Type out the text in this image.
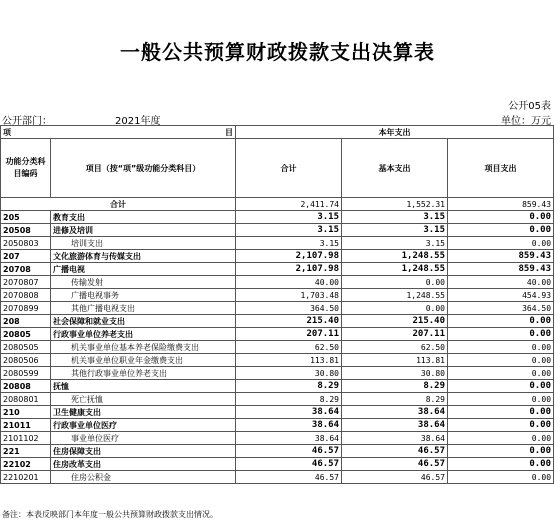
一般公共预算财政拨款支出决算表
公开05表
公开部门：	2021年度	单位：万元
项 目		本年支出		
功能分类科目编码	项目（按“项”级功能分类科目）	合计	基本支出	项目支出
合计		2,411.74	1,552.31	859.43
205	教育支出	3.15	3.15	0.00
20508	进修及培训	3.15	3.15	0.00
2050803	培训支出	3.15	3.15	0.00
207	文化旅游体育与传媒支出	2,107.98	1,248.55	859.43
20708	广播电视	2,107.98	1,248.55	859.43
2070807	传输发射	40.00	0.00	40.00
2070808	广播电视事务	1,703.48	1,248.55	454.93
2070899	其他广播电视支出	364.50	0.00	364.50
208	社会保障和就业支出	215.40	215.40	0.00
20805	行政事业单位养老支出	207.11	207.11	0.00
2080505	机关事业单位基本养老保险缴费支出	62.50	62.50	0.00
2080506	机关事业单位职业年金缴费支出	113.81	113.81	0.00
2080599	其他行政事业单位养老支出	30.80	30.80	0.00
20808	抚恤	8.29	8.29	0.00
2080801	死亡抚恤	8.29	8.29	0.00
210	卫生健康支出	38.64	38.64	0.00
21011	行政事业单位医疗	38.64	38.64	0.00
2101102	事业单位医疗	38.64	38.64	0.00
221	住房保障支出	46.57	46.57	0.00
22102	住房改革支出	46.57	46.57	0.00
2210201	住房公积金	46.57	46.57	0.00
备注：本表反映部门本年度一般公共预算财政拨款支出情况。
